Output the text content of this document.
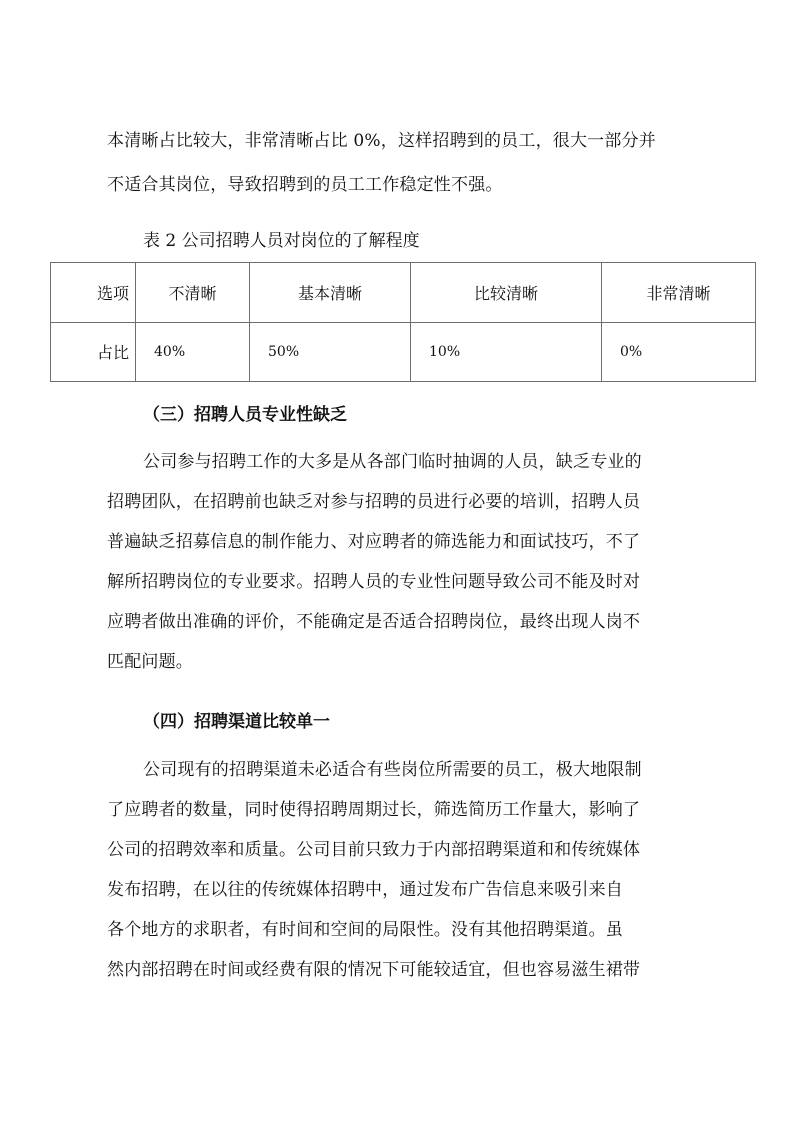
本清晰占比较大，非常清晰占比 0%，这样招聘到的员工，很大一部分并
不适合其岗位，导致招聘到的员工工作稳定性不强。
表 2 公司招聘人员对岗位的了解程度
选项	不清晰	基本清晰	比较清晰	非常清晰
占比	40%	50%	10%	0%
（三）招聘人员专业性缺乏
公司参与招聘工作的大多是从各部门临时抽调的人员，缺乏专业的
招聘团队，在招聘前也缺乏对参与招聘的员进行必要的培训，招聘人员
普遍缺乏招募信息的制作能力、对应聘者的筛选能力和面试技巧，不了
解所招聘岗位的专业要求。招聘人员的专业性问题导致公司不能及时对
应聘者做出准确的评价，不能确定是否适合招聘岗位，最终出现人岗不
匹配问题。
（四）招聘渠道比较单一
公司现有的招聘渠道未必适合有些岗位所需要的员工，极大地限制
了应聘者的数量，同时使得招聘周期过长，筛选简历工作量大，影响了
公司的招聘效率和质量。公司目前只致力于内部招聘渠道和和传统媒体
发布招聘，在以往的传统媒体招聘中，通过发布广告信息来吸引来自
各个地方的求职者，有时间和空间的局限性。没有其他招聘渠道。虽
然内部招聘在时间或经费有限的情况下可能较适宜，但也容易滋生裙带
